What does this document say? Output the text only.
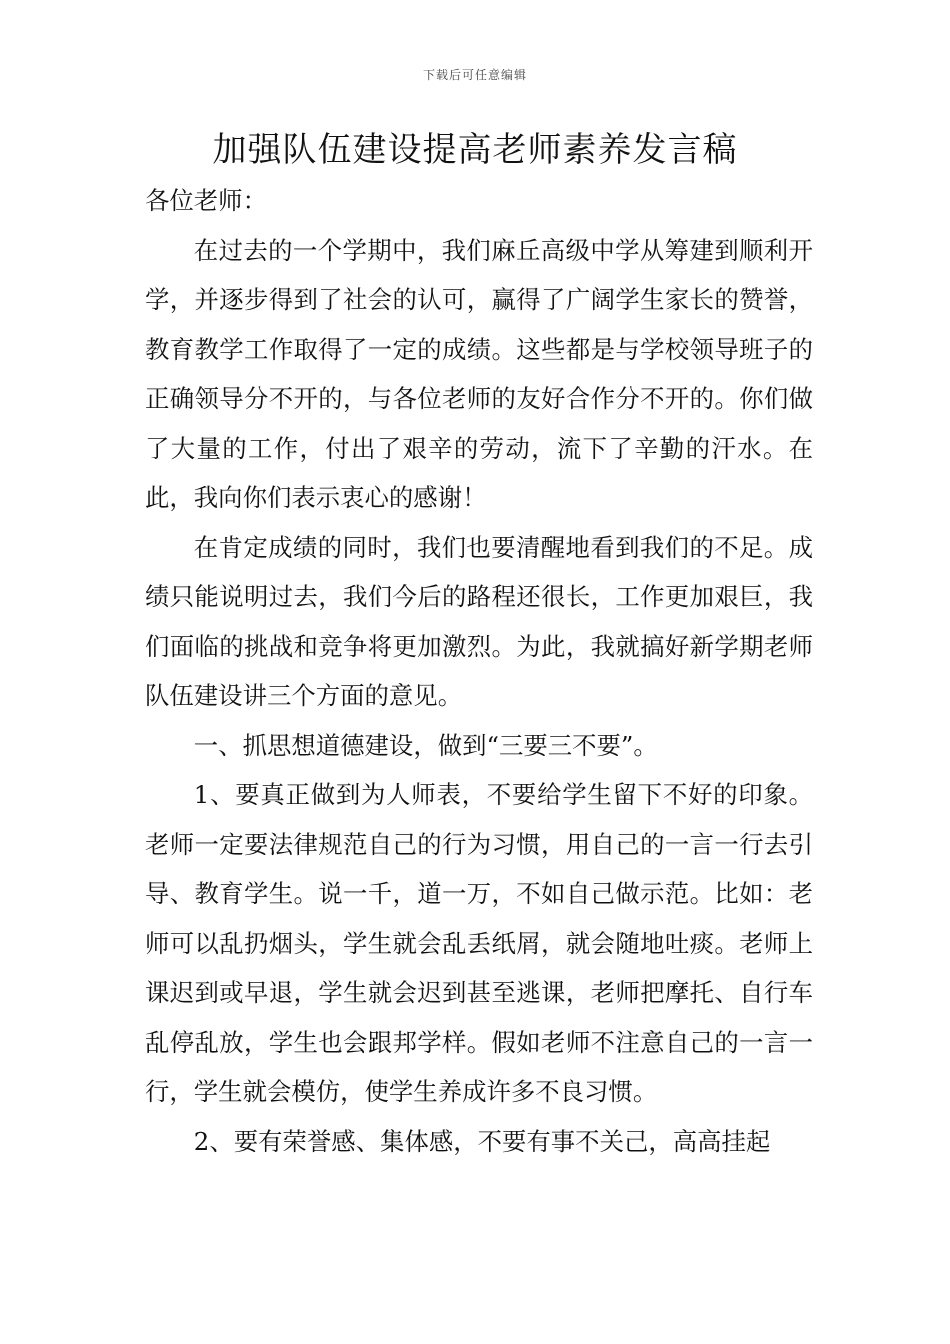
下载后可任意编辑
加强队伍建设提高老师素养发言稿

各位老师：

在过去的一个学期中，我们麻丘高级中学从筹建到顺利开学，并逐步得到了社会的认可，赢得了广阔学生家长的赞誉，教育教学工作取得了一定的成绩。这些都是与学校领导班子的正确领导分不开的，与各位老师的友好合作分不开的。你们做了大量的工作，付出了艰辛的劳动，流下了辛勤的汗水。在此，我向你们表示衷心的感谢！

在肯定成绩的同时，我们也要清醒地看到我们的不足。成绩只能说明过去，我们今后的路程还很长，工作更加艰巨，我们面临的挑战和竞争将更加激烈。为此，我就搞好新学期老师队伍建设讲三个方面的意见。

一、抓思想道德建设，做到“三要三不要”。

1、要真正做到为人师表，不要给学生留下不好的印象。老师一定要法律规范自己的行为习惯，用自己的一言一行去引导、教育学生。说一千，道一万，不如自己做示范。比如：老师可以乱扔烟头，学生就会乱丢纸屑，就会随地吐痰。老师上课迟到或早退，学生就会迟到甚至逃课，老师把摩托、自行车乱停乱放，学生也会跟邦学样。假如老师不注意自己的一言一行，学生就会模仿，使学生养成许多不良习惯。

2、要有荣誉感、集体感，不要有事不关己，高高挂起
